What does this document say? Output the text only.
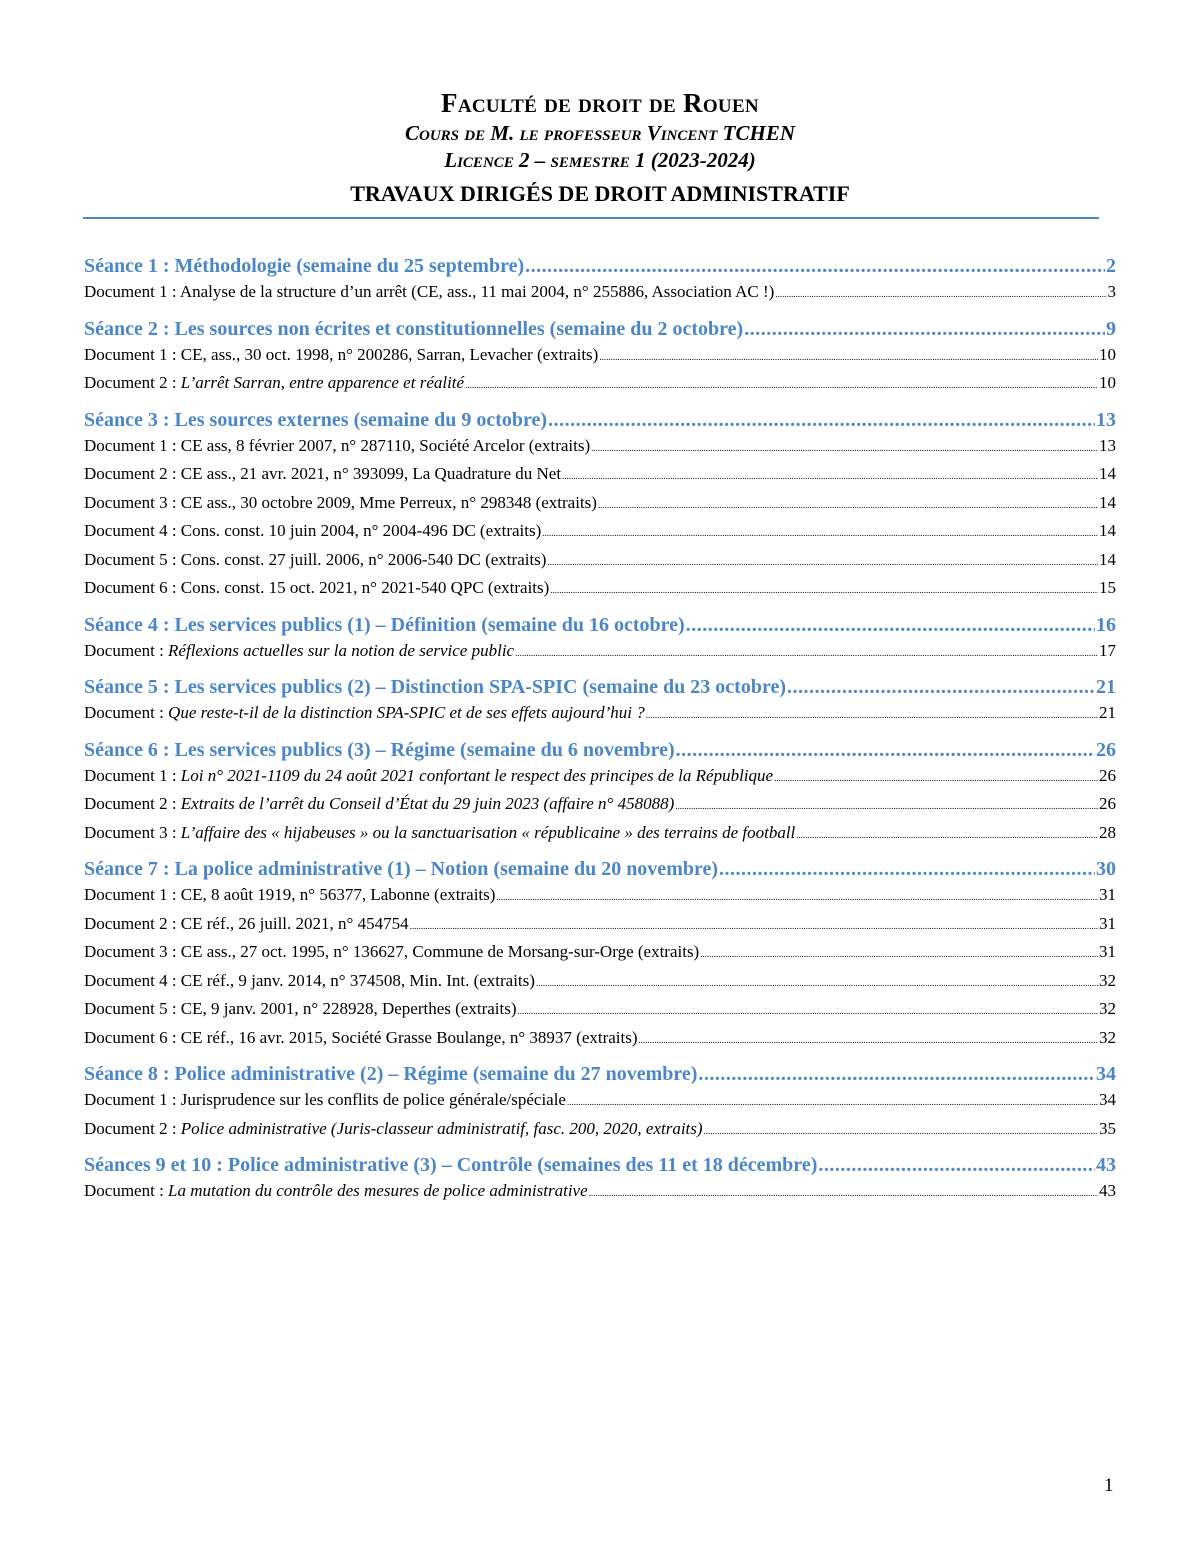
Faculté de droit de Rouen
Cours de M. le professeur Vincent TCHEN
Licence 2 – semestre 1 (2023-2024)
TRAVAUX DIRIGÉS DE DROIT ADMINISTRATIF
Séance 1 : Méthodologie (semaine du 25 septembre) .....	2
Document 1 : Analyse de la structure d’un arrêt (CE, ass., 11 mai 2004, n° 255886, Association AC !) .....	3
Séance 2 : Les sources non écrites et constitutionnelles (semaine du 2 octobre) .....	9
Document 1 : CE, ass., 30 oct. 1998, n° 200286, Sarran, Levacher (extraits) .....	10
Document 2 : L’arrêt Sarran, entre apparence et réalité .....	10
Séance 3 : Les sources externes (semaine du 9 octobre) .....	13
Document 1 : CE ass, 8 février 2007, n° 287110, Société Arcelor (extraits) .....	13
Document 2 : CE ass., 21 avr. 2021, n° 393099, La Quadrature du Net .....	14
Document 3 : CE ass., 30 octobre 2009, Mme Perreux, n° 298348 (extraits) .....	14
Document 4 : Cons. const. 10 juin 2004, n° 2004-496 DC (extraits) .....	14
Document 5 : Cons. const. 27 juill. 2006, n° 2006-540 DC (extraits) .....	14
Document 6 : Cons. const. 15 oct. 2021, n° 2021-540 QPC (extraits) .....	15
Séance 4 : Les services publics (1) – Définition (semaine du 16 octobre) .....	16
Document : Réflexions actuelles sur la notion de service public .....	17
Séance 5 : Les services publics (2) – Distinction SPA-SPIC (semaine du 23 octobre) .....	21
Document : Que reste-t-il de la distinction SPA-SPIC et de ses effets aujourd’hui ? .....	21
Séance 6 : Les services publics (3) – Régime (semaine du 6 novembre) .....	26
Document 1 : Loi n° 2021-1109 du 24 août 2021 confortant le respect des principes de la République .....	26
Document 2 : Extraits de l’arrêt du Conseil d’État du 29 juin 2023 (affaire n° 458088) .....	26
Document 3 : L’affaire des « hijabeuses » ou la sanctuarisation « républicaine » des terrains de football .....	28
Séance 7 : La police administrative (1) – Notion (semaine du 20 novembre) .....	30
Document 1 : CE, 8 août 1919, n° 56377, Labonne (extraits) .....	31
Document 2 : CE réf., 26 juill. 2021, n° 454754 .....	31
Document 3 : CE ass., 27 oct. 1995, n° 136627, Commune de Morsang-sur-Orge (extraits) .....	31
Document 4 : CE réf., 9 janv. 2014, n° 374508, Min. Int. (extraits) .....	32
Document 5 : CE, 9 janv. 2001, n° 228928, Deperthes (extraits) .....	32
Document 6 : CE réf., 16 avr. 2015, Société Grasse Boulange, n° 38937 (extraits) .....	32
Séance 8 : Police administrative (2) – Régime (semaine du 27 novembre) .....	34
Document 1 : Jurisprudence sur les conflits de police générale/spéciale .....	34
Document 2 : Police administrative (Juris-classeur administratif, fasc. 200, 2020, extraits) .....	35
Séances 9 et 10 : Police administrative (3) – Contrôle (semaines des 11 et 18 décembre) .....	43
Document : La mutation du contrôle des mesures de police administrative .....	43
1
